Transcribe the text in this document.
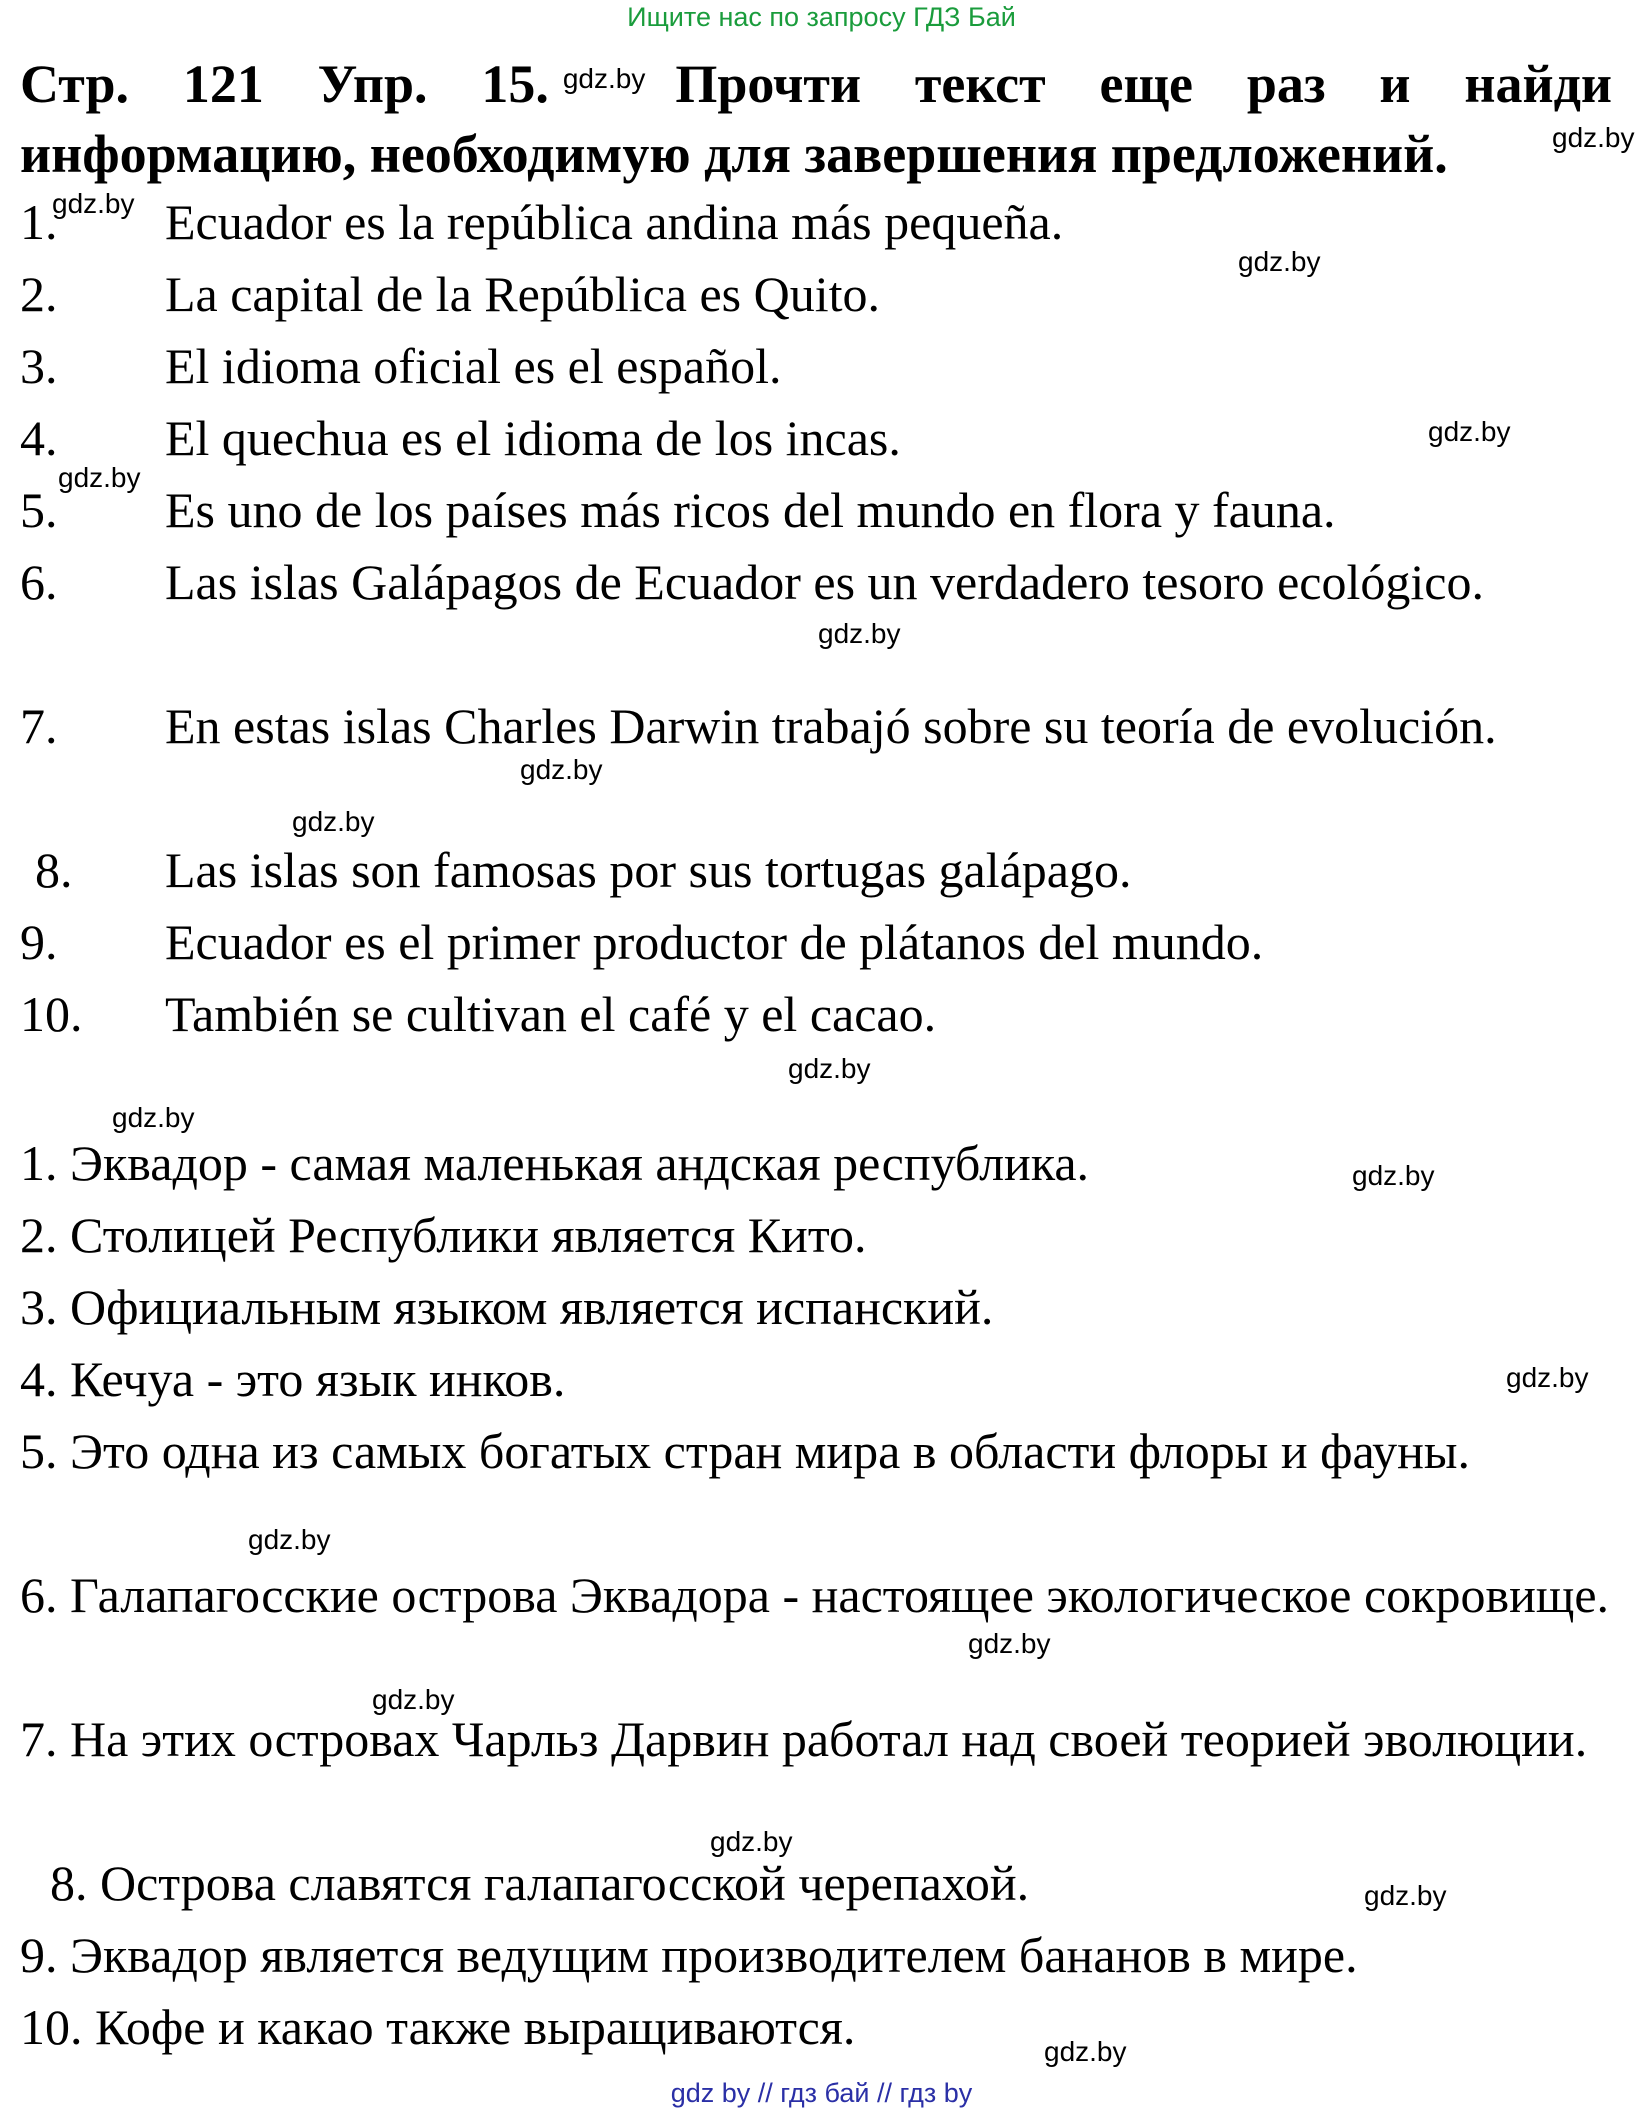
Ищите нас по запросу ГДЗ Бай
Стр. 121 Упр. 15. $^{gdz.by}$ Прочти текст еще раз и найди информацию, необходимую для завершения предложений.	gdz.by
1. Ecuador es la república andina más pequeña.
2. La capital de la República es Quito.
3. El idioma oficial es el español.
4. El quechua es el idioma de los incas.
5. Es uno de los países más ricos del mundo en flora y fauna.
6. Las islas Galápagos de Ecuador es un verdadero tesoro ecológico.
7. En estas islas Charles Darwin trabajó sobre su teoría de evolución.
8. Las islas son famosas por sus tortugas galápago.
9. Ecuador es el primer productor de plátanos del mundo.
10. También se cultivan el café y el cacao.
1. Эквадор - самая маленькая андская республика.
2. Столицей Республики является Кито.
3. Официальным языком является испанский.
4. Кечуа - это язык инков.
5. Это одна из самых богатых стран мира в области флоры и фауны.
6. Галапагосские острова Эквадора - настоящее экологическое сокровище.
7. На этих островах Чарльз Дарвин работал над своей теорией эволюции.
8. Острова славятся галапагосской черепахой.
9. Эквадор является ведущим производителем бананов в мире.
10. Кофе и какао также выращиваются.
gdz.by
gdz.by
gdz.by
gdz.by
gdz.by
gdz.by
gdz.by
gdz.by
gdz.by
gdz.by
gdz.by
gdz.by
gdz.by
gdz.by
gdz.by
gdz.by
gdz.by
gdz by // гдз бай // гдз by
